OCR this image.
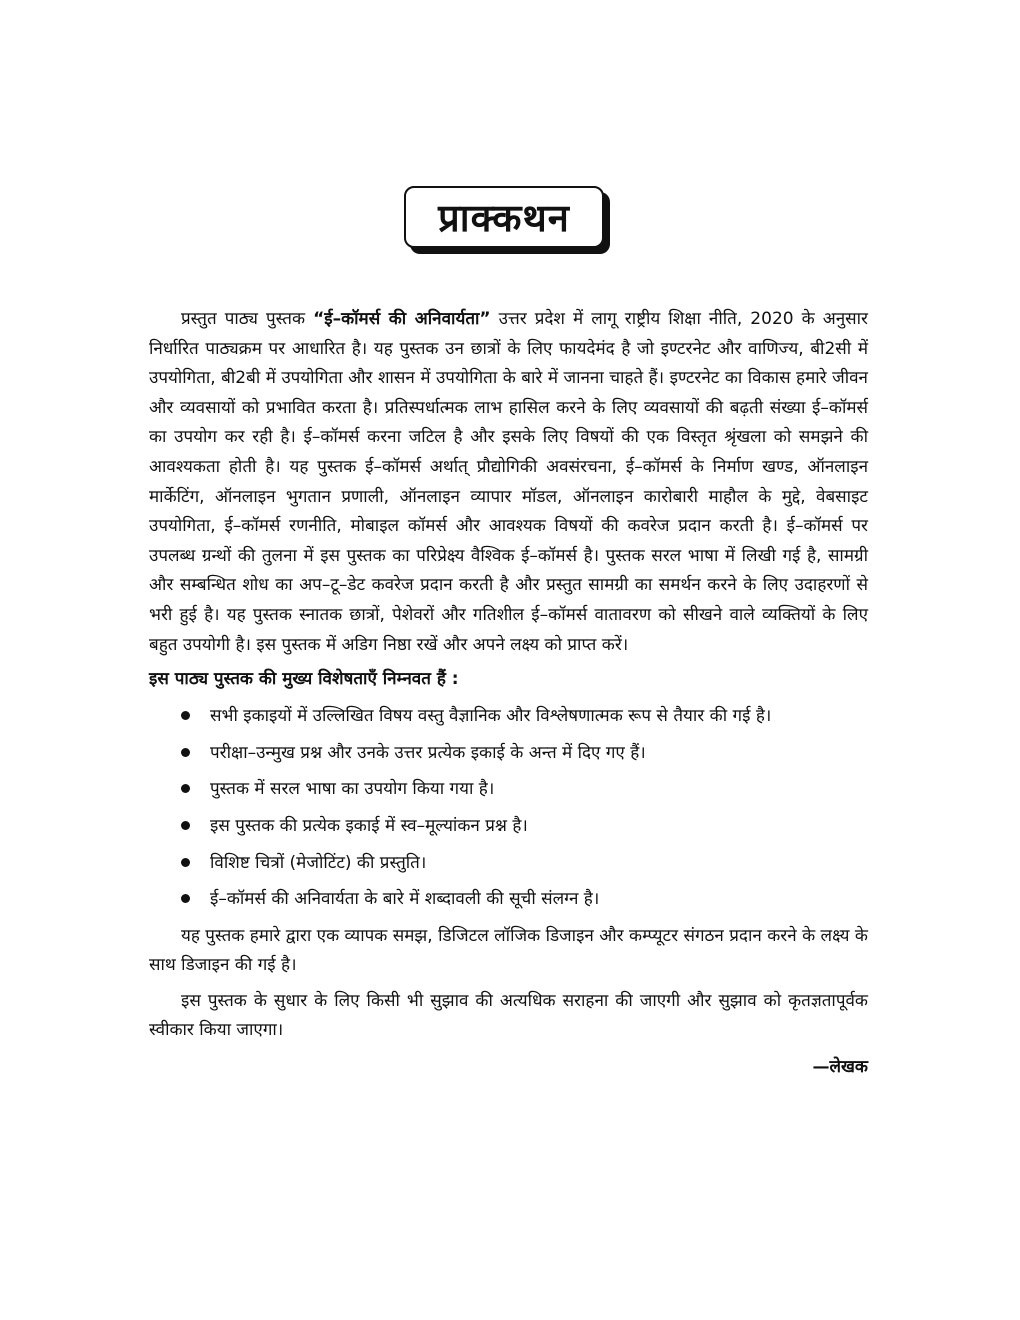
प्राक्कथन

प्रस्तुत पाठ्य पुस्तक “ई–कॉमर्स की अनिवार्यता” उत्तर प्रदेश में लागू राष्ट्रीय शिक्षा नीति, 2020 के अनुसार निर्धारित पाठ्यक्रम पर आधारित है। यह पुस्तक उन छात्रों के लिए फायदेमंद है जो इण्टरनेट और वाणिज्य, बी2सी में उपयोगिता, बी2बी में उपयोगिता और शासन में उपयोगिता के बारे में जानना चाहते हैं। इण्टरनेट का विकास हमारे जीवन और व्यवसायों को प्रभावित करता है। प्रतिस्पर्धात्मक लाभ हासिल करने के लिए व्यवसायों की बढ़ती संख्या ई–कॉमर्स का उपयोग कर रही है। ई–कॉमर्स करना जटिल है और इसके लिए विषयों की एक विस्तृत श्रृंखला को समझने की आवश्यकता होती है। यह पुस्तक ई–कॉमर्स अर्थात् प्रौद्योगिकी अवसंरचना, ई–कॉमर्स के निर्माण खण्ड, ऑनलाइन मार्केटिंग, ऑनलाइन भुगतान प्रणाली, ऑनलाइन व्यापार मॉडल, ऑनलाइन कारोबारी माहौल के मुद्दे, वेबसाइट उपयोगिता, ई–कॉमर्स रणनीति, मोबाइल कॉमर्स और आवश्यक विषयों की कवरेज प्रदान करती है। ई–कॉमर्स पर उपलब्ध ग्रन्थों की तुलना में इस पुस्तक का परिप्रेक्ष्य वैश्विक ई–कॉमर्स है। पुस्तक सरल भाषा में लिखी गई है, सामग्री और सम्बन्धित शोध का अप–टू–डेट कवरेज प्रदान करती है और प्रस्तुत सामग्री का समर्थन करने के लिए उदाहरणों से भरी हुई है। यह पुस्तक स्नातक छात्रों, पेशेवरों और गतिशील ई–कॉमर्स वातावरण को सीखने वाले व्यक्तियों के लिए बहुत उपयोगी है। इस पुस्तक में अडिग निष्ठा रखें और अपने लक्ष्य को प्राप्त करें।

इस पाठ्य पुस्तक की मुख्य विशेषताएँ निम्नवत हैं :

सभी इकाइयों में उल्लिखित विषय वस्तु वैज्ञानिक और विश्लेषणात्मक रूप से तैयार की गई है।
परीक्षा–उन्मुख प्रश्न और उनके उत्तर प्रत्येक इकाई के अन्त में दिए गए हैं।
पुस्तक में सरल भाषा का उपयोग किया गया है।
इस पुस्तक की प्रत्येक इकाई में स्व–मूल्यांकन प्रश्न है।
विशिष्ट चित्रों (मेजोटिंट) की प्रस्तुति।
ई–कॉमर्स की अनिवार्यता के बारे में शब्दावली की सूची संलग्न है।

यह पुस्तक हमारे द्वारा एक व्यापक समझ, डिजिटल लॉजिक डिजाइन और कम्प्यूटर संगठन प्रदान करने के लक्ष्य के साथ डिजाइन की गई है।

इस पुस्तक के सुधार के लिए किसी भी सुझाव की अत्यधिक सराहना की जाएगी और सुझाव को कृतज्ञतापूर्वक स्वीकार किया जाएगा।

—लेखक
